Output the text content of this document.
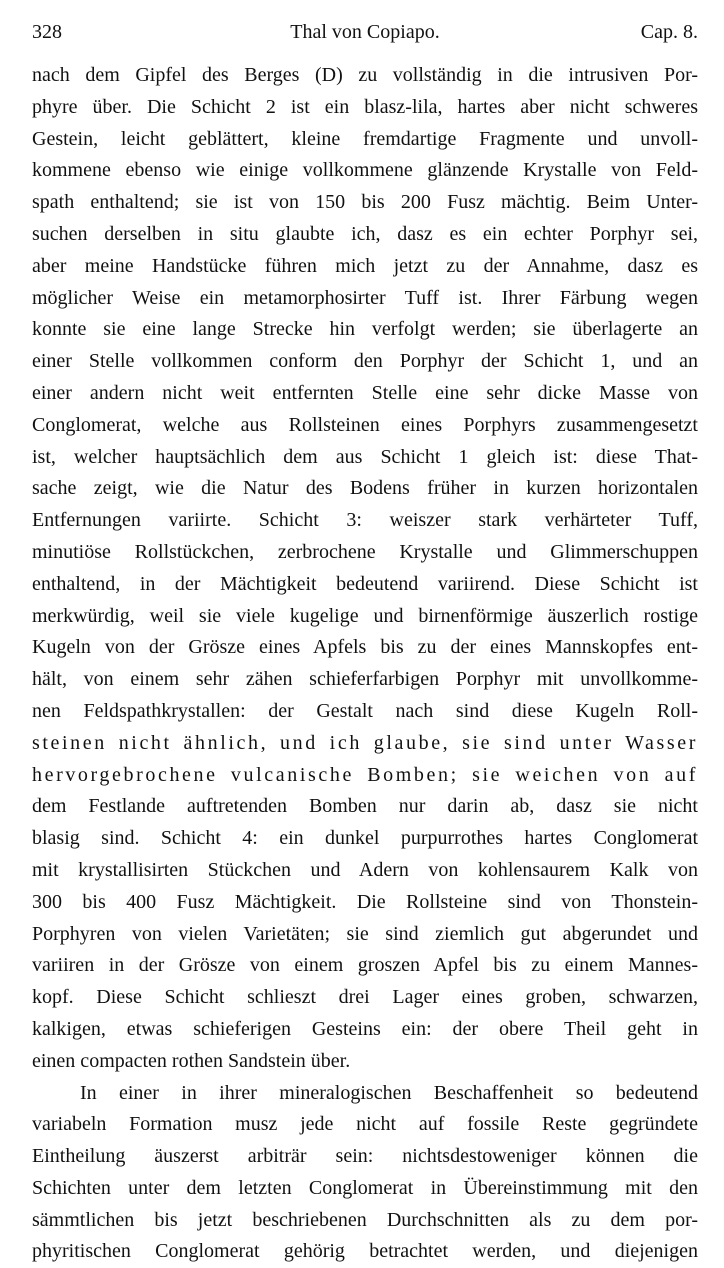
328	Thal von Copiapo.	Cap. 8.
nach dem Gipfel des Berges (D) zu vollständig in die intrusiven Por-
phyre über. Die Schicht 2 ist ein blasz-lila, hartes aber nicht schweres
Gestein, leicht geblättert, kleine fremdartige Fragmente und unvoll-
kommene ebenso wie einige vollkommene glänzende Krystalle von Feld-
spath enthaltend; sie ist von 150 bis 200 Fusz mächtig. Beim Unter-
suchen derselben in situ glaubte ich, dasz es ein echter Porphyr sei,
aber meine Handstücke führen mich jetzt zu der Annahme, dasz es
möglicher Weise ein metamorphosirter Tuff ist. Ihrer Färbung wegen
konnte sie eine lange Strecke hin verfolgt werden; sie überlagerte an
einer Stelle vollkommen conform den Porphyr der Schicht 1, und an
einer andern nicht weit entfernten Stelle eine sehr dicke Masse von
Conglomerat, welche aus Rollsteinen eines Porphyrs zusammengesetzt
ist, welcher hauptsächlich dem aus Schicht 1 gleich ist: diese That-
sache zeigt, wie die Natur des Bodens früher in kurzen horizontalen
Entfernungen variirte. Schicht 3: weiszer stark verhärteter Tuff,
minutiöse Rollstückchen, zerbrochene Krystalle und Glimmerschuppen
enthaltend, in der Mächtigkeit bedeutend variirend. Diese Schicht ist
merkwürdig, weil sie viele kugelige und birnenförmige äuszerlich rostige
Kugeln von der Grösze eines Apfels bis zu der eines Mannskopfes ent-
hält, von einem sehr zähen schieferfarbigen Porphyr mit unvollkomme-
nen Feldspathkrystallen: der Gestalt nach sind diese Kugeln Roll-
steinen nicht ähnlich, und ich glaube, sie sind unter Wasser
hervorgebrochene vulcanische Bomben; sie weichen von auf
dem Festlande auftretenden Bomben nur darin ab, dasz sie nicht
blasig sind. Schicht 4: ein dunkel purpurrothes hartes Conglomerat
mit krystallisirten Stückchen und Adern von kohlensaurem Kalk von
300 bis 400 Fusz Mächtigkeit. Die Rollsteine sind von Thonstein-
Porphyren von vielen Varietäten; sie sind ziemlich gut abgerundet und
variiren in der Grösze von einem groszen Apfel bis zu einem Mannes-
kopf. Diese Schicht schlieszt drei Lager eines groben, schwarzen,
kalkigen, etwas schieferigen Gesteins ein: der obere Theil geht in
einen compacten rothen Sandstein über.
In einer in ihrer mineralogischen Beschaffenheit so bedeutend
variabeln Formation musz jede nicht auf fossile Reste gegründete
Eintheilung äuszerst arbiträr sein: nichtsdestoweniger können die
Schichten unter dem letzten Conglomerat in Übereinstimmung mit den
sämmtlichen bis jetzt beschriebenen Durchschnitten als zu dem por-
phyritischen Conglomerat gehörig betrachtet werden, und diejenigen
